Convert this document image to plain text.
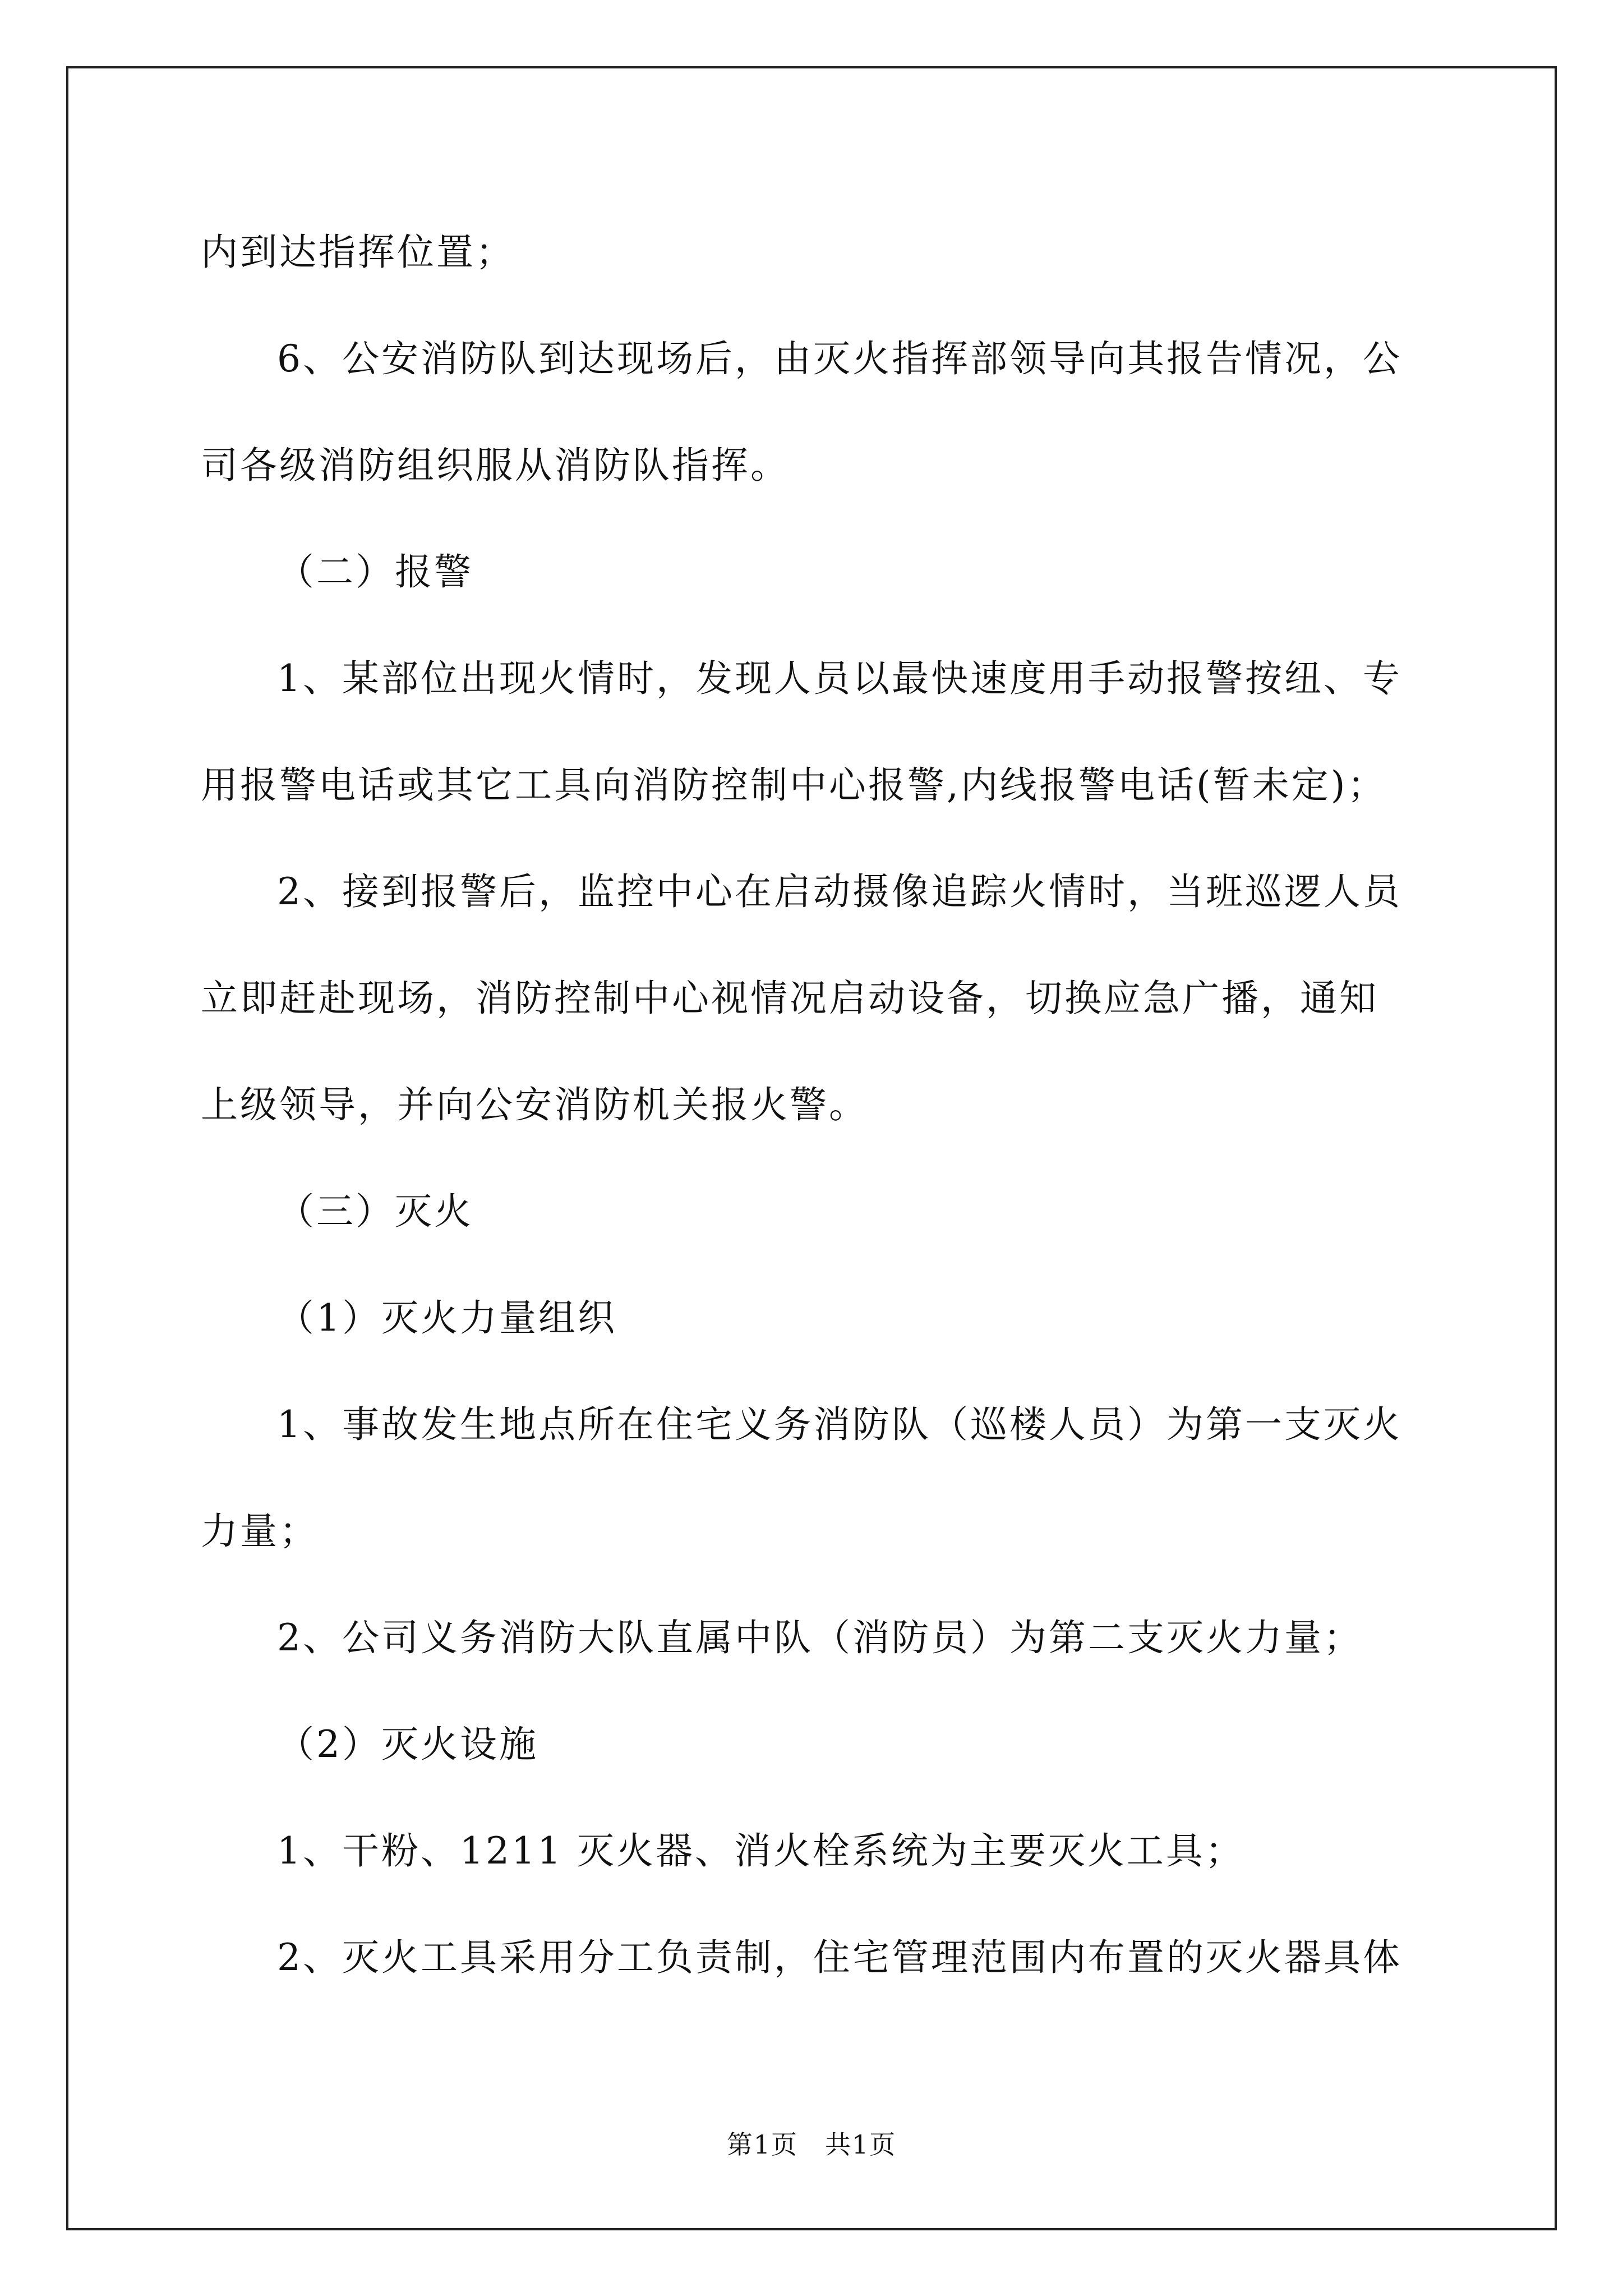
内到达指挥位置；
6、公安消防队到达现场后，由灭火指挥部领导向其报告情况，公
司各级消防组织服从消防队指挥。
（二）报警
1、某部位出现火情时，发现人员以最快速度用手动报警按纽、专
用报警电话或其它工具向消防控制中心报警,内线报警电话(暂未定)；
2、接到报警后，监控中心在启动摄像追踪火情时，当班巡逻人员
立即赶赴现场，消防控制中心视情况启动设备，切换应急广播，通知
上级领导，并向公安消防机关报火警。
（三）灭火
（1）灭火力量组织
1、事故发生地点所在住宅义务消防队（巡楼人员）为第一支灭火
力量；
2、公司义务消防大队直属中队（消防员）为第二支灭火力量；
（2）灭火设施
1、干粉、1211 灭火器、消火栓系统为主要灭火工具；
2、灭火工具采用分工负责制，住宅管理范围内布置的灭火器具体
第1页　共1页
